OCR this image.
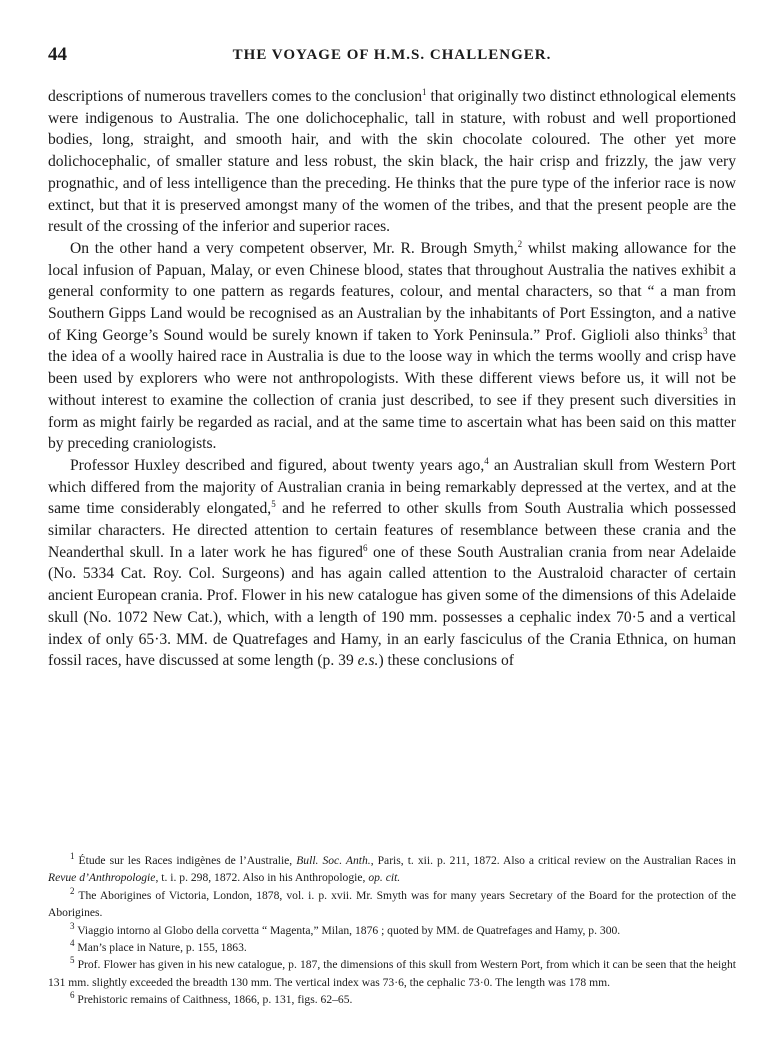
44	THE VOYAGE OF H.M.S. CHALLENGER.

descriptions of numerous travellers comes to the conclusion$^1$ that originally two distinct ethnological elements were indigenous to Australia. The one dolichocephalic, tall in stature, with robust and well proportioned bodies, long, straight, and smooth hair, and with the skin chocolate coloured. The other yet more dolichocephalic, of smaller stature and less robust, the skin black, the hair crisp and frizzly, the jaw very prognathic, and of less intelligence than the preceding. He thinks that the pure type of the inferior race is now extinct, but that it is preserved amongst many of the women of the tribes, and that the present people are the result of the crossing of the inferior and superior races.

On the other hand a very competent observer, Mr. R. Brough Smyth,$^2$ whilst making allowance for the local infusion of Papuan, Malay, or even Chinese blood, states that throughout Australia the natives exhibit a general conformity to one pattern as regards features, colour, and mental characters, so that “ a man from Southern Gipps Land would be recognised as an Australian by the inhabitants of Port Essington, and a native of King George’s Sound would be surely known if taken to York Peninsula.” Prof. Giglioli also thinks$^3$ that the idea of a woolly haired race in Australia is due to the loose way in which the terms woolly and crisp have been used by explorers who were not anthropologists. With these different views before us, it will not be without interest to examine the collection of crania just described, to see if they present such diversities in form as might fairly be regarded as racial, and at the same time to ascertain what has been said on this matter by preceding craniologists.

Professor Huxley described and figured, about twenty years ago,$^4$ an Australian skull from Western Port which differed from the majority of Australian crania in being remarkably depressed at the vertex, and at the same time considerably elongated,$^5$ and he referred to other skulls from South Australia which possessed similar characters. He directed attention to certain features of resemblance between these crania and the Neanderthal skull. In a later work he has figured$^6$ one of these South Australian crania from near Adelaide (No. 5334 Cat. Roy. Col. Surgeons) and has again called attention to the Australoid character of certain ancient European crania. Prof. Flower in his new catalogue has given some of the dimensions of this Adelaide skull (No. 1072 New Cat.), which, with a length of 190 mm. possesses a cephalic index 70·5 and a vertical index of only 65·3. MM. de Quatrefages and Hamy, in an early fasciculus of the Crania Ethnica, on human fossil races, have discussed at some length (p. 39 e.s.) these conclusions of

$^1$ Étude sur les Races indigènes de l’Australie, Bull. Soc. Anth., Paris, t. xii. p. 211, 1872. Also a critical review on the Australian Races in Revue d’Anthropologie, t. i. p. 298, 1872. Also in his Anthropologie, op. cit.

$^2$ The Aborigines of Victoria, London, 1878, vol. i. p. xvii. Mr. Smyth was for many years Secretary of the Board for the protection of the Aborigines.

$^3$ Viaggio intorno al Globo della corvetta “ Magenta,” Milan, 1876 ; quoted by MM. de Quatrefages and Hamy, p. 300.

$^4$ Man’s place in Nature, p. 155, 1863.

$^5$ Prof. Flower has given in his new catalogue, p. 187, the dimensions of this skull from Western Port, from which it can be seen that the height 131 mm. slightly exceeded the breadth 130 mm. The vertical index was 73·6, the cephalic 73·0. The length was 178 mm.

$^6$ Prehistoric remains of Caithness, 1866, p. 131, figs. 62–65.
